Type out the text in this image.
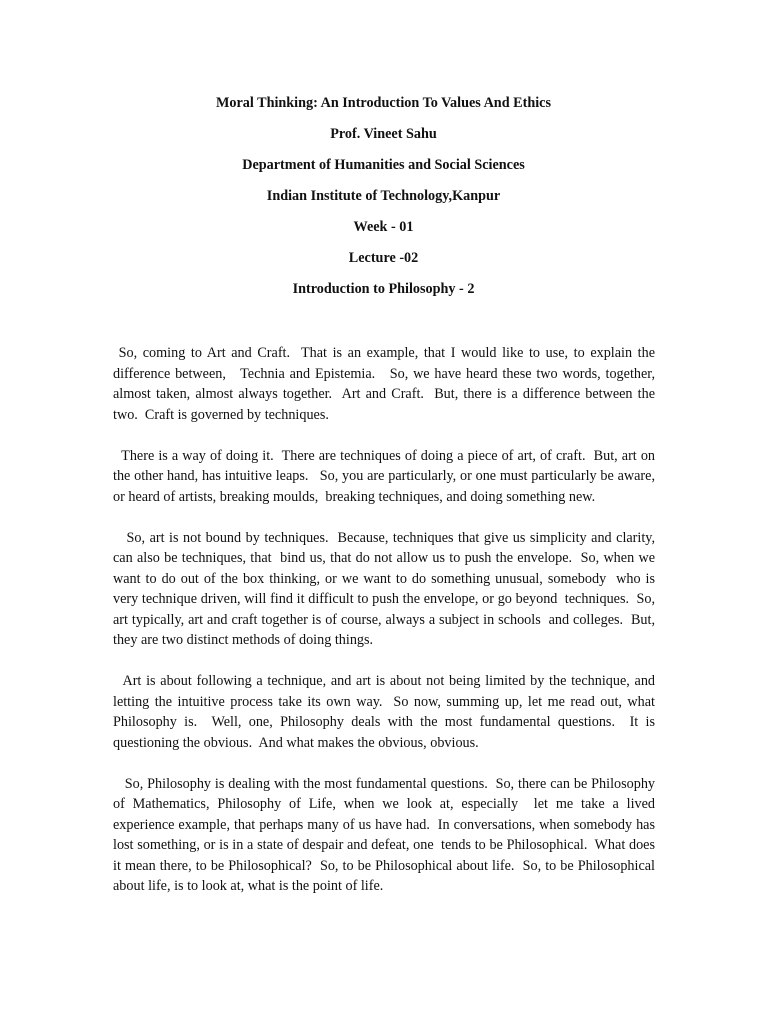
Moral Thinking: An Introduction To Values And Ethics
Prof. Vineet Sahu
Department of Humanities and Social Sciences
Indian Institute of Technology,Kanpur
Week - 01
Lecture -02
Introduction to Philosophy - 2

So, coming to Art and Craft.  That is an example, that I would like to use, to explain the difference between,   Technia and Epistemia.   So, we have heard these two words, together, almost taken, almost always together.  Art and Craft.  But, there is a difference between the two.  Craft is governed by techniques.

There is a way of doing it.  There are techniques of doing a piece of art, of craft.  But, art on the other hand, has intuitive leaps.   So, you are particularly, or one must particularly be aware, or heard of artists, breaking moulds,  breaking techniques, and doing something new.

So, art is not bound by techniques.  Because, techniques that give us simplicity and clarity, can also be techniques, that  bind us, that do not allow us to push the envelope.  So, when we want to do out of the box thinking, or we want to do something unusual, somebody  who is very technique driven, will find it difficult to push the envelope, or go beyond  techniques.  So, art typically, art and craft together is of course, always a subject in schools  and colleges.  But, they are two distinct methods of doing things.

Art is about following a technique, and art is about not being limited by the technique, and letting the intuitive process take its own way.  So now, summing up, let me read out, what Philosophy is.  Well, one, Philosophy deals with the most fundamental questions.  It is questioning the obvious.  And what makes the obvious, obvious.

So, Philosophy is dealing with the most fundamental questions.  So, there can be Philosophy of Mathematics, Philosophy of Life, when we look at, especially  let me take a lived experience example, that perhaps many of us have had.  In conversations, when somebody has lost something, or is in a state of despair and defeat, one  tends to be Philosophical.  What does it mean there, to be Philosophical?  So, to be Philosophical about life.  So, to be Philosophical about life, is to look at, what is the point of life.
